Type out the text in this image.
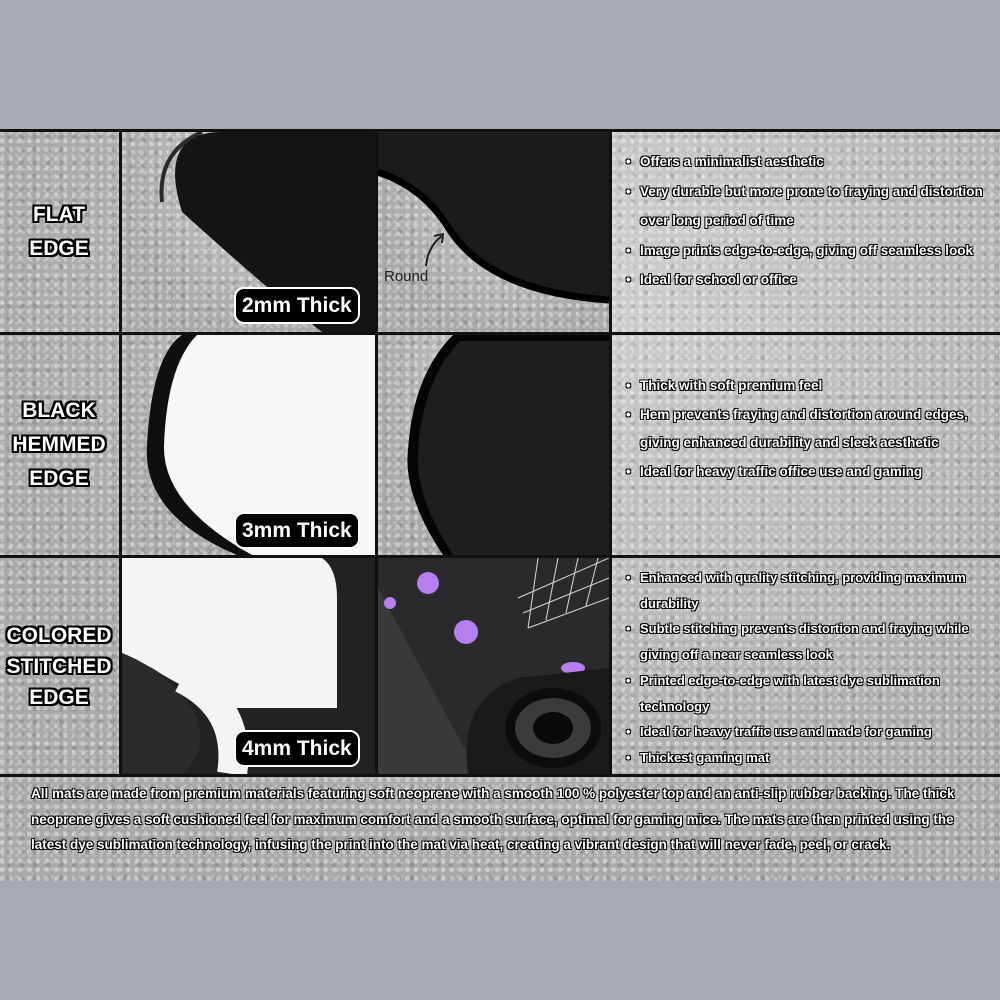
FLAT
EDGE
2mm Thick
Round
• Offers a minimalist aesthetic
• Very durable but more prone to fraying and distortion over long period of time
• Image prints edge-to-edge, giving off seamless look
• Ideal for school or office
BLACK
HEMMED
EDGE
3mm Thick
• Thick with soft premium feel
• Hem prevents fraying and distortion around edges, giving enhanced durability and sleek aesthetic
• Ideal for heavy traffic office use and gaming
COLORED
STITCHED
EDGE
4mm Thick
• Enhanced with quality stitching, providing maximum durability
• Subtle stitching prevents distortion and fraying while giving off a near seamless look
• Printed edge-to-edge with latest dye sublimation technology
• Ideal for heavy traffic use and made for gaming
• Thickest gaming mat

All mats are made from premium materials featuring soft neoprene with a smooth 100 % polyester top and an anti-slip rubber backing. The thick neoprene gives a soft cushioned feel for maximum comfort and a smooth surface, optimal for gaming mice. The mats are then printed using the latest dye sublimation technology, infusing the print into the mat via heat, creating a vibrant design that will never fade, peel, or crack.
